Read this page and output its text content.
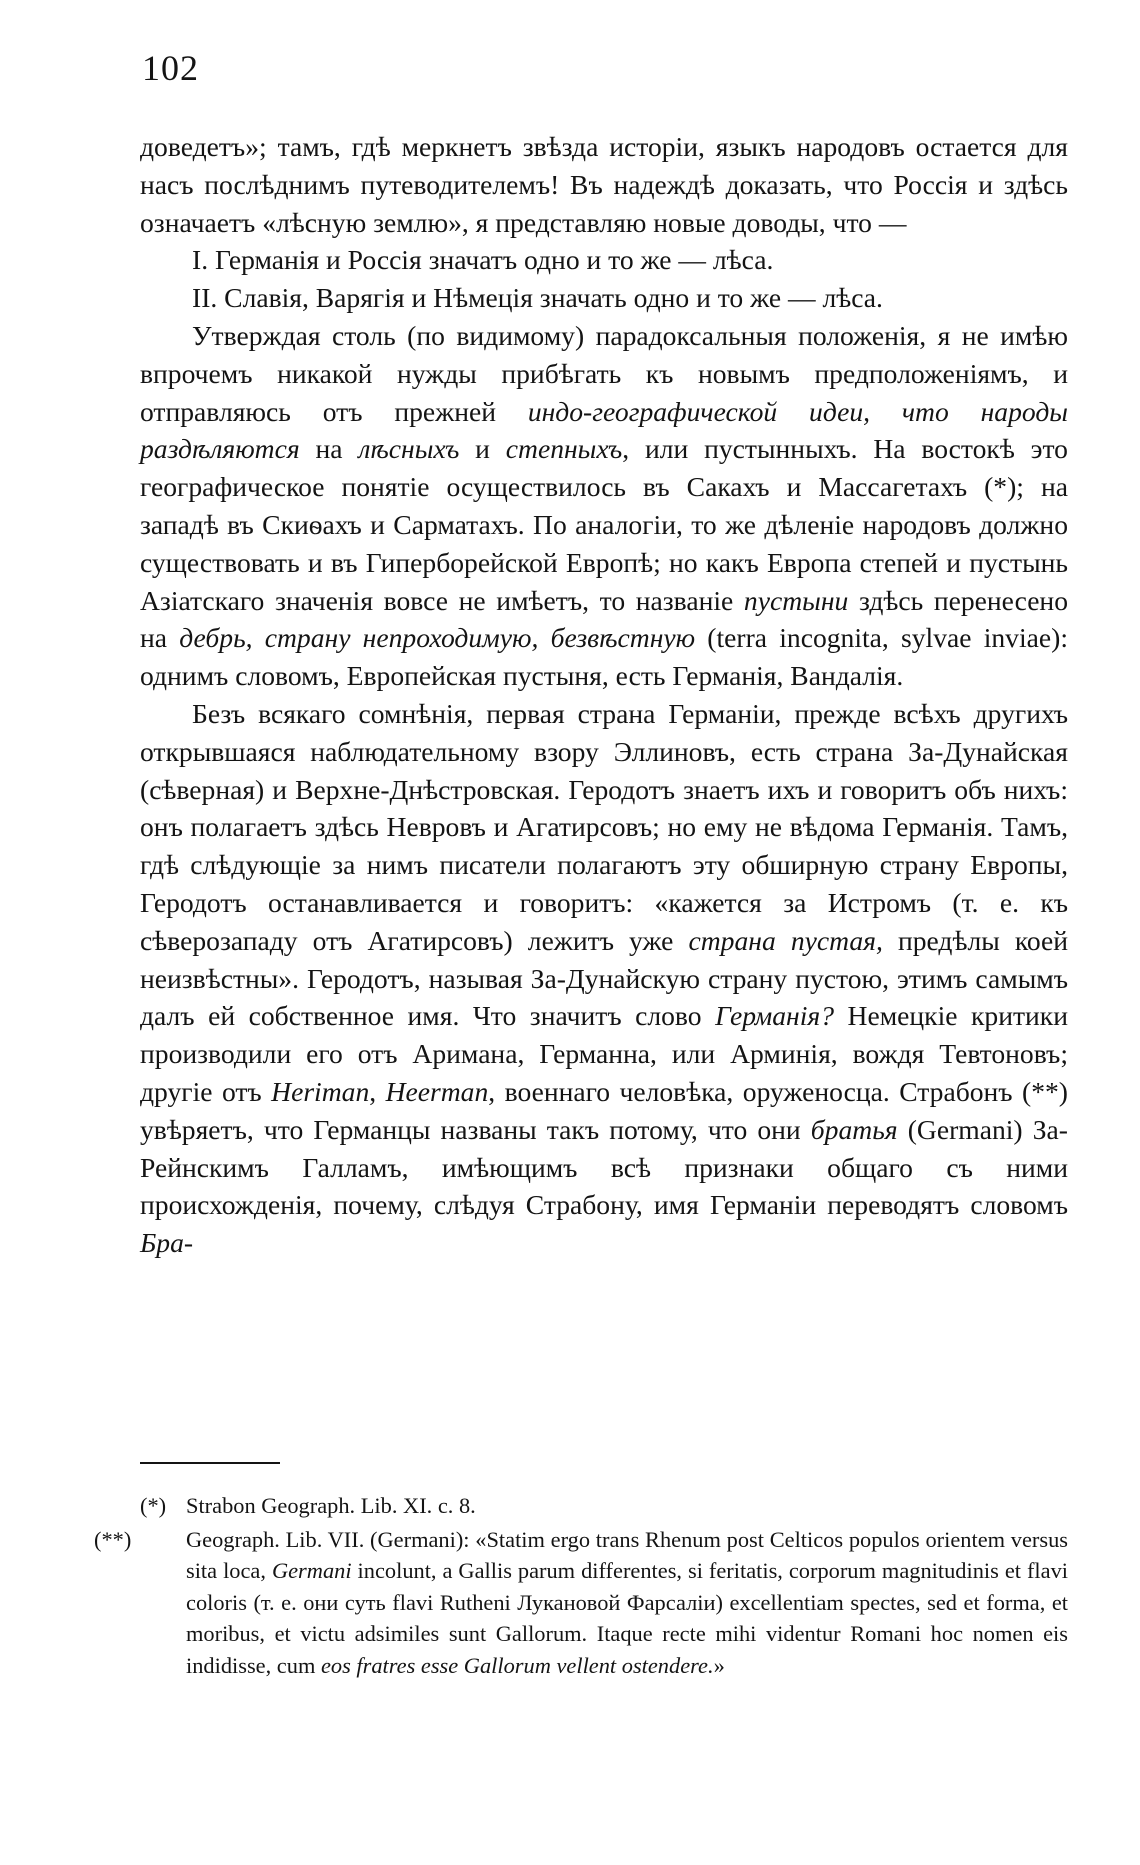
102

доведетъ»; тамъ, гдѣ меркнетъ звѣзда исторіи, языкъ народовъ остается для насъ послѣднимъ путеводителемъ! Въ надеждѣ доказать, что Россія и здѣсь означаетъ «лѣсную землю», я представляю новые доводы, что —

I. Германія и Россія значатъ одно и то же — лѣса.

II. Славія, Варягія и Нѣмеція значать одно и то же — лѣса.

Утверждая столь (по видимому) парадоксальныя положенія, я не имѣю впрочемъ никакой нужды прибѣгать къ новымъ предположеніямъ, и отправляюсь отъ прежней индо-географической идеи, что народы раздѣляются на лѣсныхъ и степныхъ, или пустынныхъ. На востокѣ это географическое понятіе осуществилось въ Сакахъ и Массагетахъ (*); на западѣ въ Скиѳахъ и Сарматахъ. По аналогіи, то же дѣленіе народовъ должно существовать и въ Гиперборейской Европѣ; но какъ Европа степей и пустынь Азіатскаго значенія вовсе не имѣетъ, то названіе пустыни здѣсь перенесено на дебрь, страну непроходимую, безвѣстную (terra incognita, sylvae inviae): однимъ словомъ, Европейская пустыня, есть Германія, Вандалія.

Безъ всякаго сомнѣнія, первая страна Германіи, прежде всѣхъ другихъ открывшаяся наблюдательному взору Эллиновъ, есть страна За-Дунайская (сѣверная) и Верхне-Днѣстровская. Геродотъ знаетъ ихъ и говоритъ объ нихъ: онъ полагаетъ здѣсь Невровъ и Агатирсовъ; но ему не вѣдома Германія. Тамъ, гдѣ слѣдующіе за нимъ писатели полагаютъ эту обширную страну Европы, Геродотъ останавливается и говоритъ: «кажется за Истромъ (т. е. къ сѣверозападу отъ Агатирсовъ) лежитъ уже страна пустая, предѣлы коей неизвѣстны». Геродотъ, называя За-Дунайскую страну пустою, этимъ самымъ далъ ей собственное имя. Что значитъ слово Германія? Немецкіе критики производили его отъ Аримана, Германна, или Арминія, вождя Тевтоновъ; другіе отъ Heriman, Heerman, военнаго человѣка, оруженосца. Страбонъ (**) увѣряетъ, что Германцы названы такъ потому, что они братья (Germani) За-Рейнскимъ Галламъ, имѣющимъ всѣ признаки общаго съ ними происхожденія, почему, слѣдуя Страбону, имя Германіи переводятъ словомъ Бра-

(*) Strabon Geograph. Lib. XI. c. 8.

(**) Geograph. Lib. VII. (Germani): «Statim ergo trans Rhenum post Celticos populos orientem versus sita loca, Germani incolunt, a Gallis parum differentes, si feritatis, corporum magnitudinis et flavi coloris (т. е. они суть flavi Rutheni Лукановой Фарсаліи) excellentiam spectes, sed et forma, et moribus, et victu adsimiles sunt Gallorum. Itaque recte mihi videntur Romani hoc nomen eis indidisse, cum eos fratres esse Gallorum vellent ostendere.»
